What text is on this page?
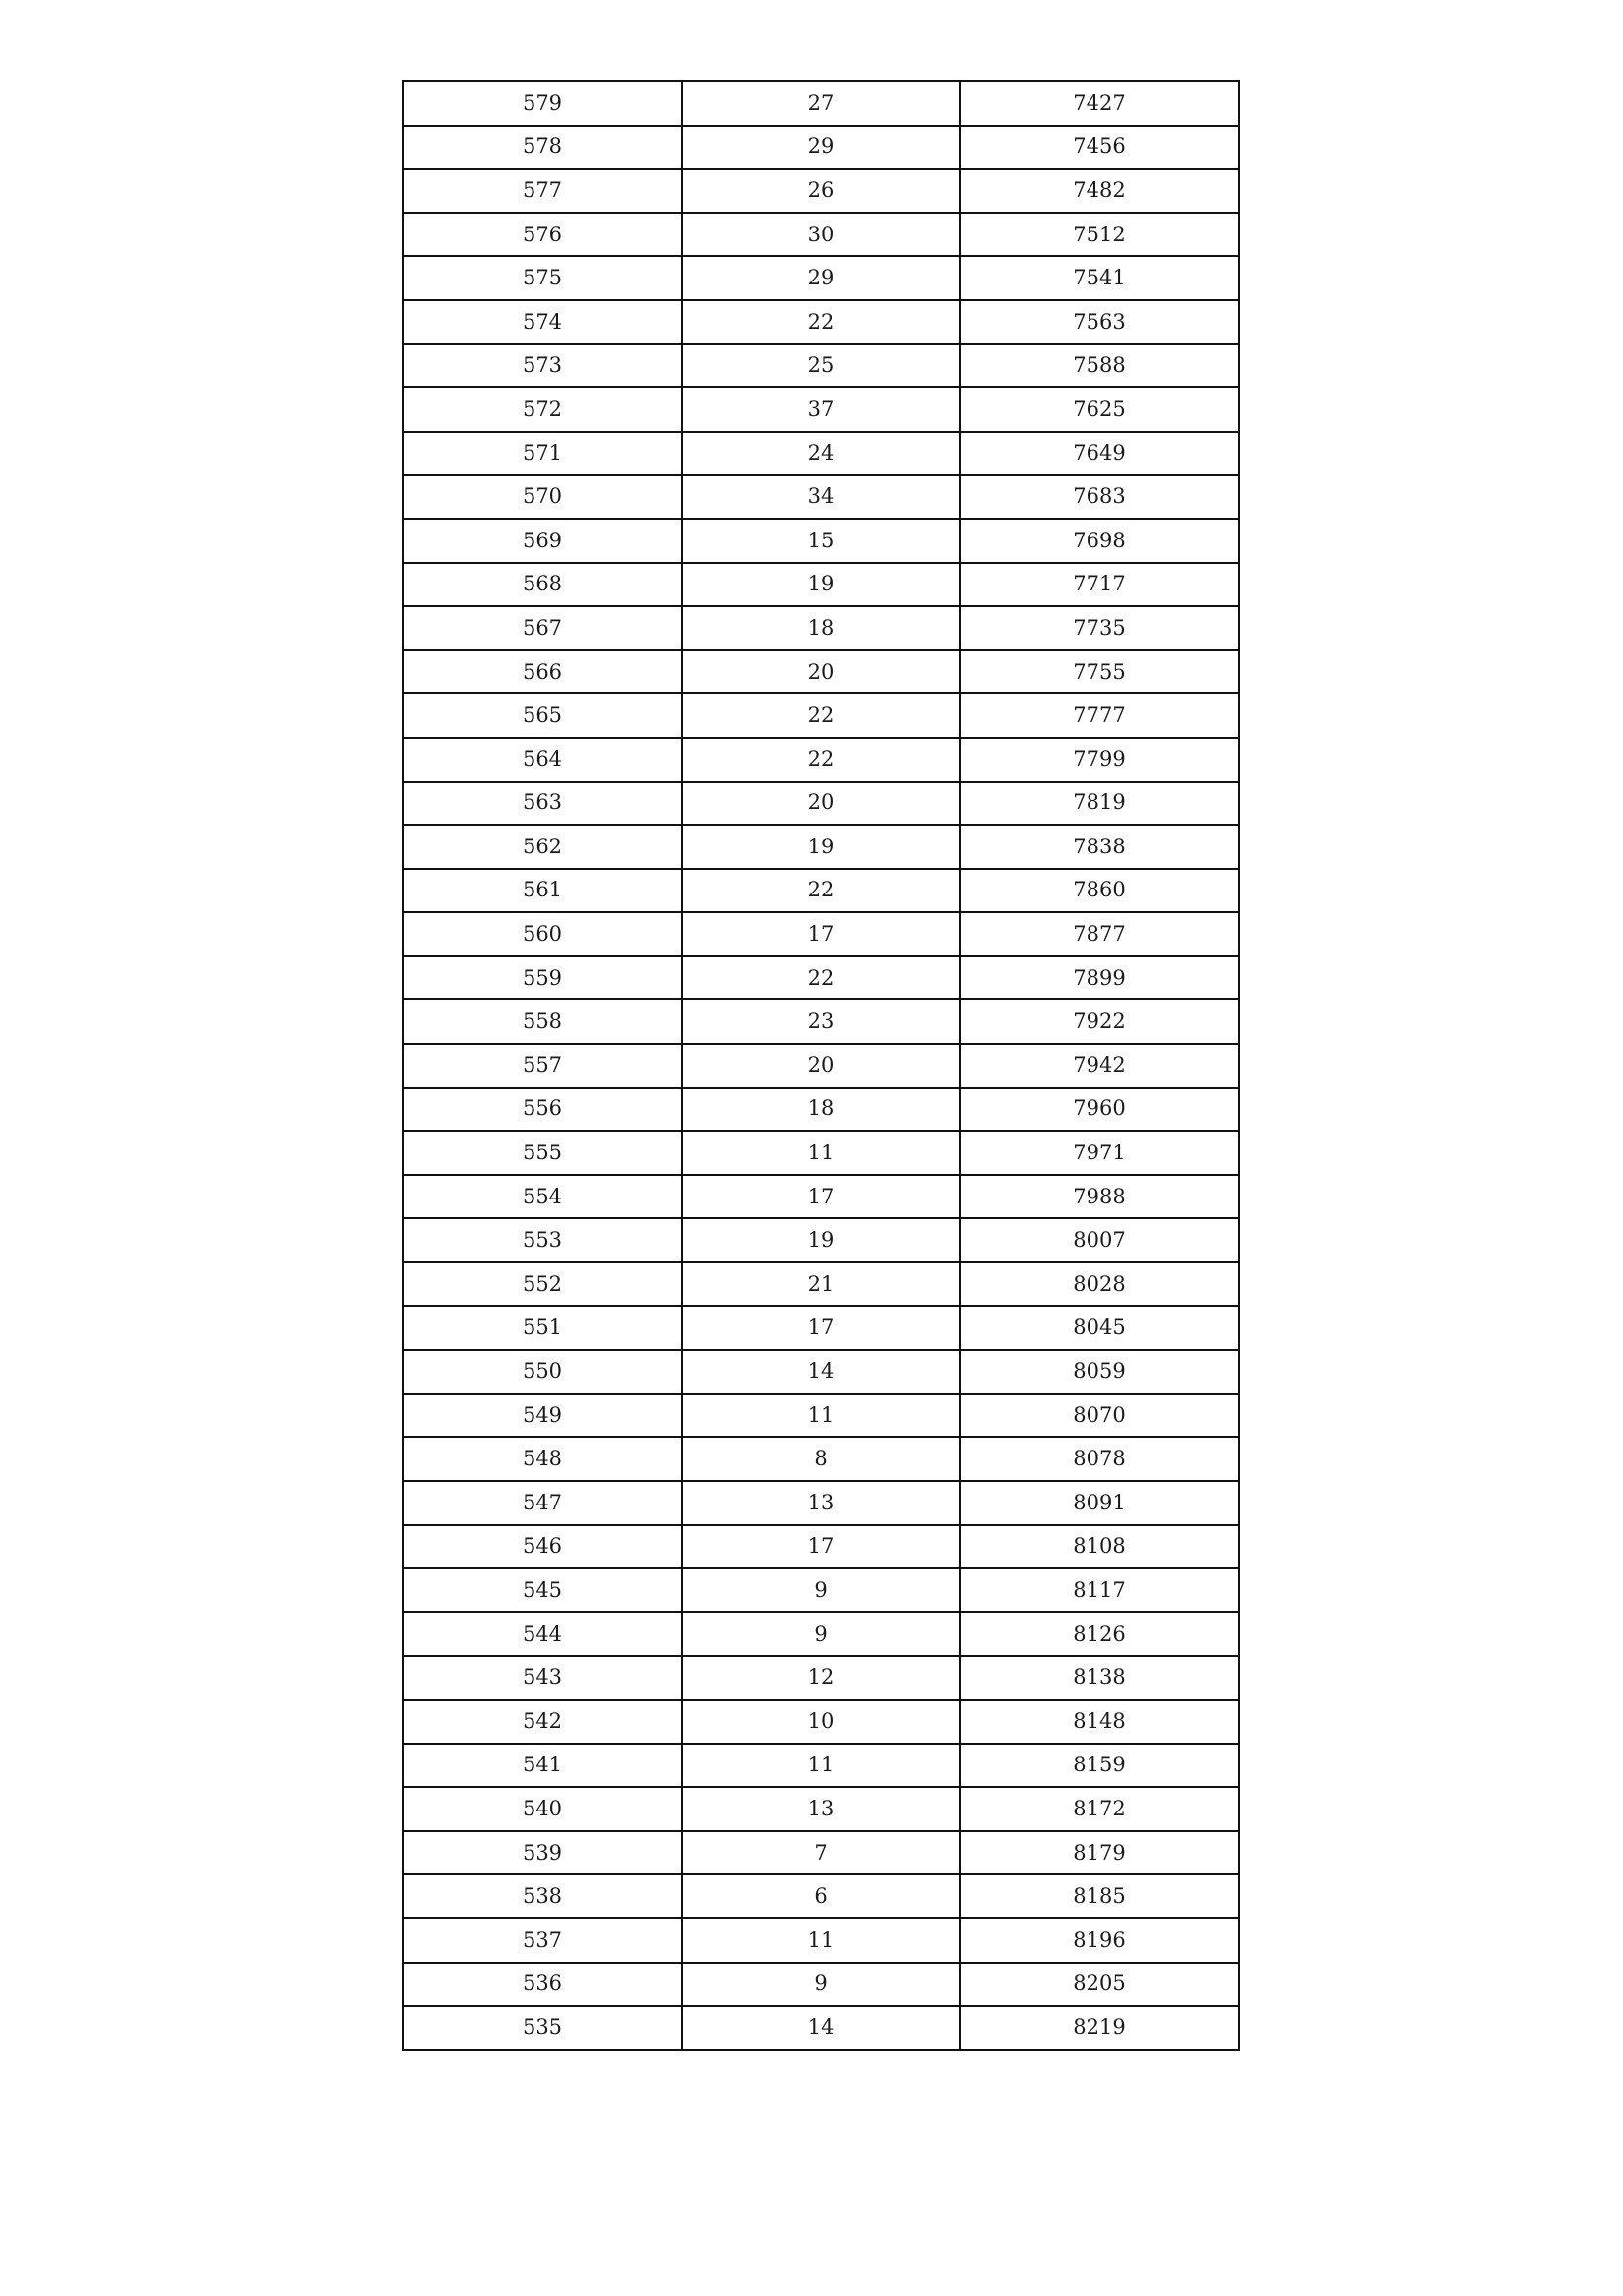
579	27	7427
578	29	7456
577	26	7482
576	30	7512
575	29	7541
574	22	7563
573	25	7588
572	37	7625
571	24	7649
570	34	7683
569	15	7698
568	19	7717
567	18	7735
566	20	7755
565	22	7777
564	22	7799
563	20	7819
562	19	7838
561	22	7860
560	17	7877
559	22	7899
558	23	7922
557	20	7942
556	18	7960
555	11	7971
554	17	7988
553	19	8007
552	21	8028
551	17	8045
550	14	8059
549	11	8070
548	8	8078
547	13	8091
546	17	8108
545	9	8117
544	9	8126
543	12	8138
542	10	8148
541	11	8159
540	13	8172
539	7	8179
538	6	8185
537	11	8196
536	9	8205
535	14	8219
